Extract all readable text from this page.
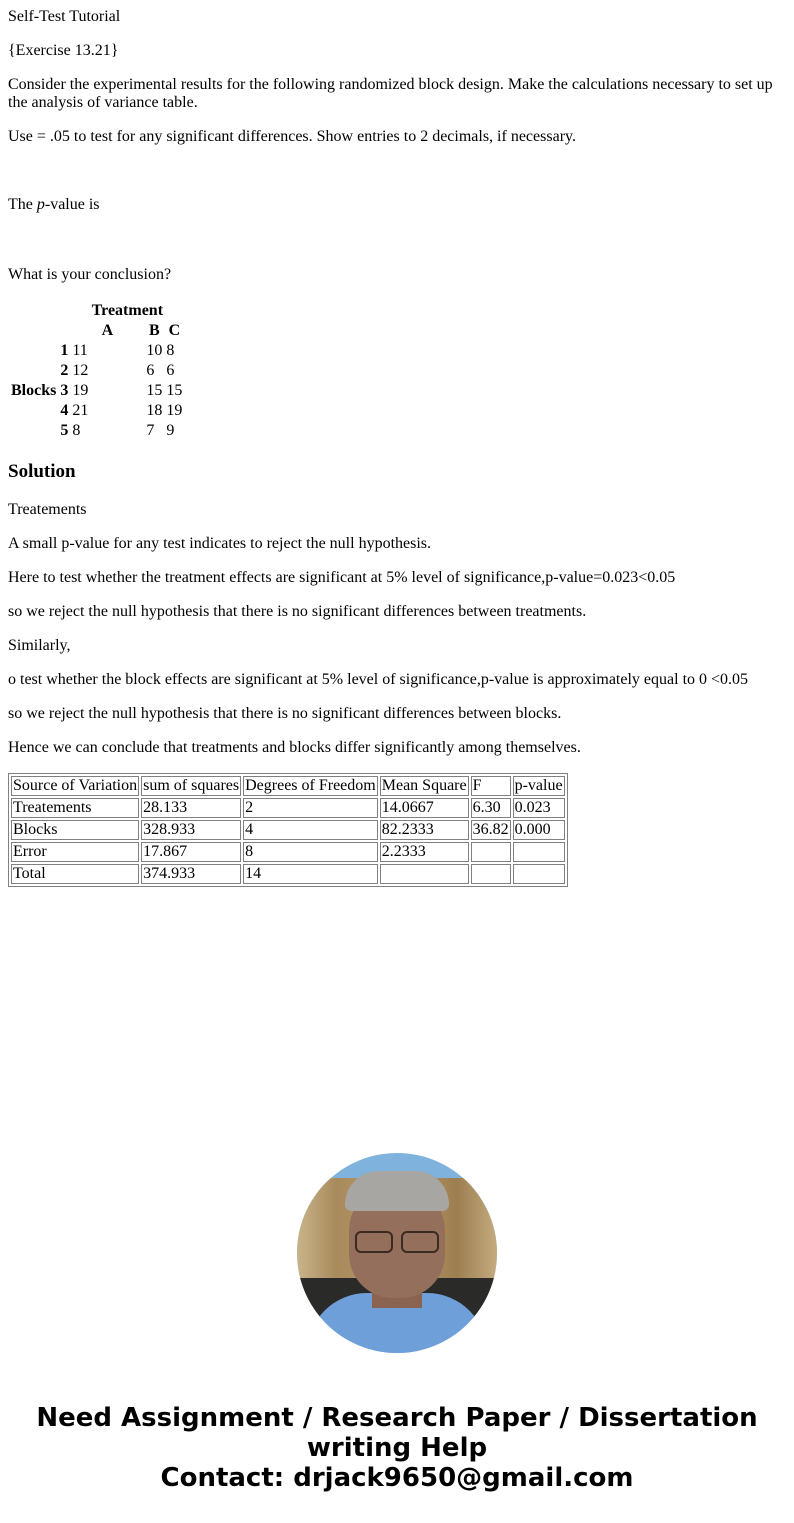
Self-Test Tutorial

{Exercise 13.21}

Consider the experimental results for the following randomized block design. Make the calculations necessary to set up the analysis of variance table.

Use = .05 to test for any significant differences. Show entries to 2 decimals, if necessary.

The p-value is

What is your conclusion?

		Treatment		
		A	B	C
	1	11	10	8
	2	12	6	6
Blocks	3	19	15	15
	4	21	18	19
	5	8	7	9
Solution

Treatements

A small p-value for any test indicates to reject the null hypothesis.

Here to test whether the treatment effects are significant at 5% level of significance,p-value=0.023<0.05

so we reject the null hypothesis that there is no significant differences between treatments.

Similarly,

o test whether the block effects are significant at 5% level of significance,p-value is approximately equal to 0 <0.05

so we reject the null hypothesis that there is no significant differences between blocks.

Hence we can conclude that treatments and blocks differ significantly among themselves.

Source of Variation	sum of squares	Degrees of Freedom	Mean Square	F	p-value
Treatements	28.133	2	14.0667	6.30	0.023
Blocks	328.933	4	82.2333	36.82	0.000
Error	17.867	8	2.2333		
Total	374.933	14			
Need Assignment / Research Paper / Dissertation
writing Help
Contact: drjack9650@gmail.com
